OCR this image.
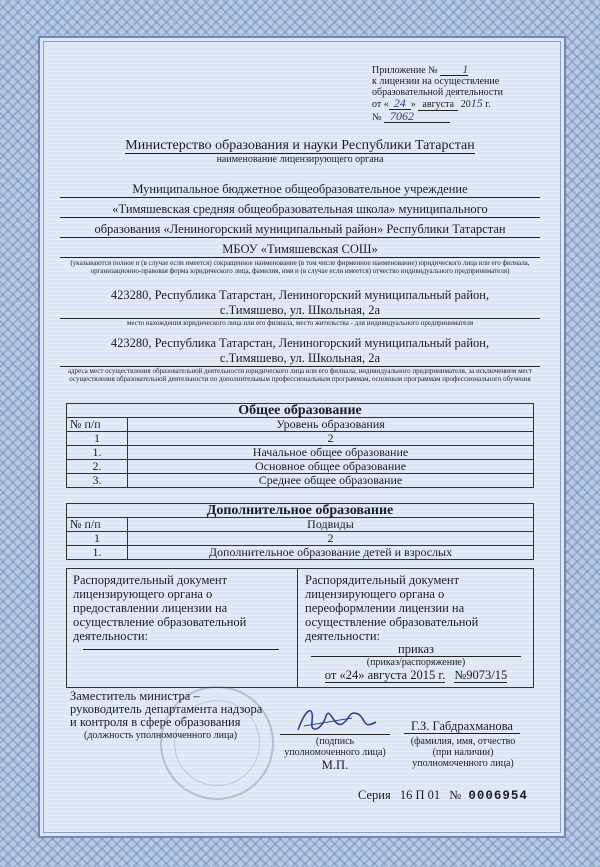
Приложение № 1
к лицензии на осуществление
образовательной деятельности
от « 24 » августа 2015 г.
№ 7062
Министерство образования и науки Республики Татарстан
наименование лицензирующего органа
Муниципальное бюджетное общеобразовательное учреждение
«Тимяшевская средняя общеобразовательная школа» муниципального
образования «Лениногорский муниципальный район» Республики Татарстан
МБОУ «Тимяшевская СОШ»
(указываются полное и (в случае если имеется) сокращенное наименование (в том числе фирменное наименование) юридического лица или его филиала, организационно-правовая форма юридического лица, фамилия, имя и (в случае если имеется) отчество индивидуального предпринимателя)
423280, Республика Татарстан, Лениногорский муниципальный район,
с.Тимяшево, ул. Школьная, 2а
место нахождения юридического лица или его филиала, место жительства - для индивидуального предпринимателя
423280, Республика Татарстан, Лениногорский муниципальный район,
с.Тимяшево, ул. Школьная, 2а
адреса мест осуществления образовательной деятельности юридического лица или его филиала, индивидуального предпринимателя, за исключением мест осуществления образовательной деятельности по дополнительным профессиональным программам, основным программам профессионального обучения
Общее образование	
№ п/п	Уровень образования
1	2
1.	Начальное общее образование
2.	Основное общее образование
3.	Среднее общее образование
Дополнительное образование	
№ п/п	Подвиды
1	2
1.	Дополнительное образование детей и взрослых
Распорядительный документ лицензирующего органа о предоставлении лицензии на осуществление образовательной деятельности:
Распорядительный документ лицензирующего органа о переоформлении лицензии на осуществление образовательной деятельности:
приказ
(приказ/распоряжение)
от «24» августа 2015 г. №9073/15
Заместитель министра – руководитель департамента надзора и контроля в сфере образования
(должность уполномоченного лица)
(подпись уполномоченного лица)
М.П.
Г.З. Габдрахманова
(фамилия, имя, отчество (при наличии) уполномоченного лица)
Серия 16 П 01 № 0006954
